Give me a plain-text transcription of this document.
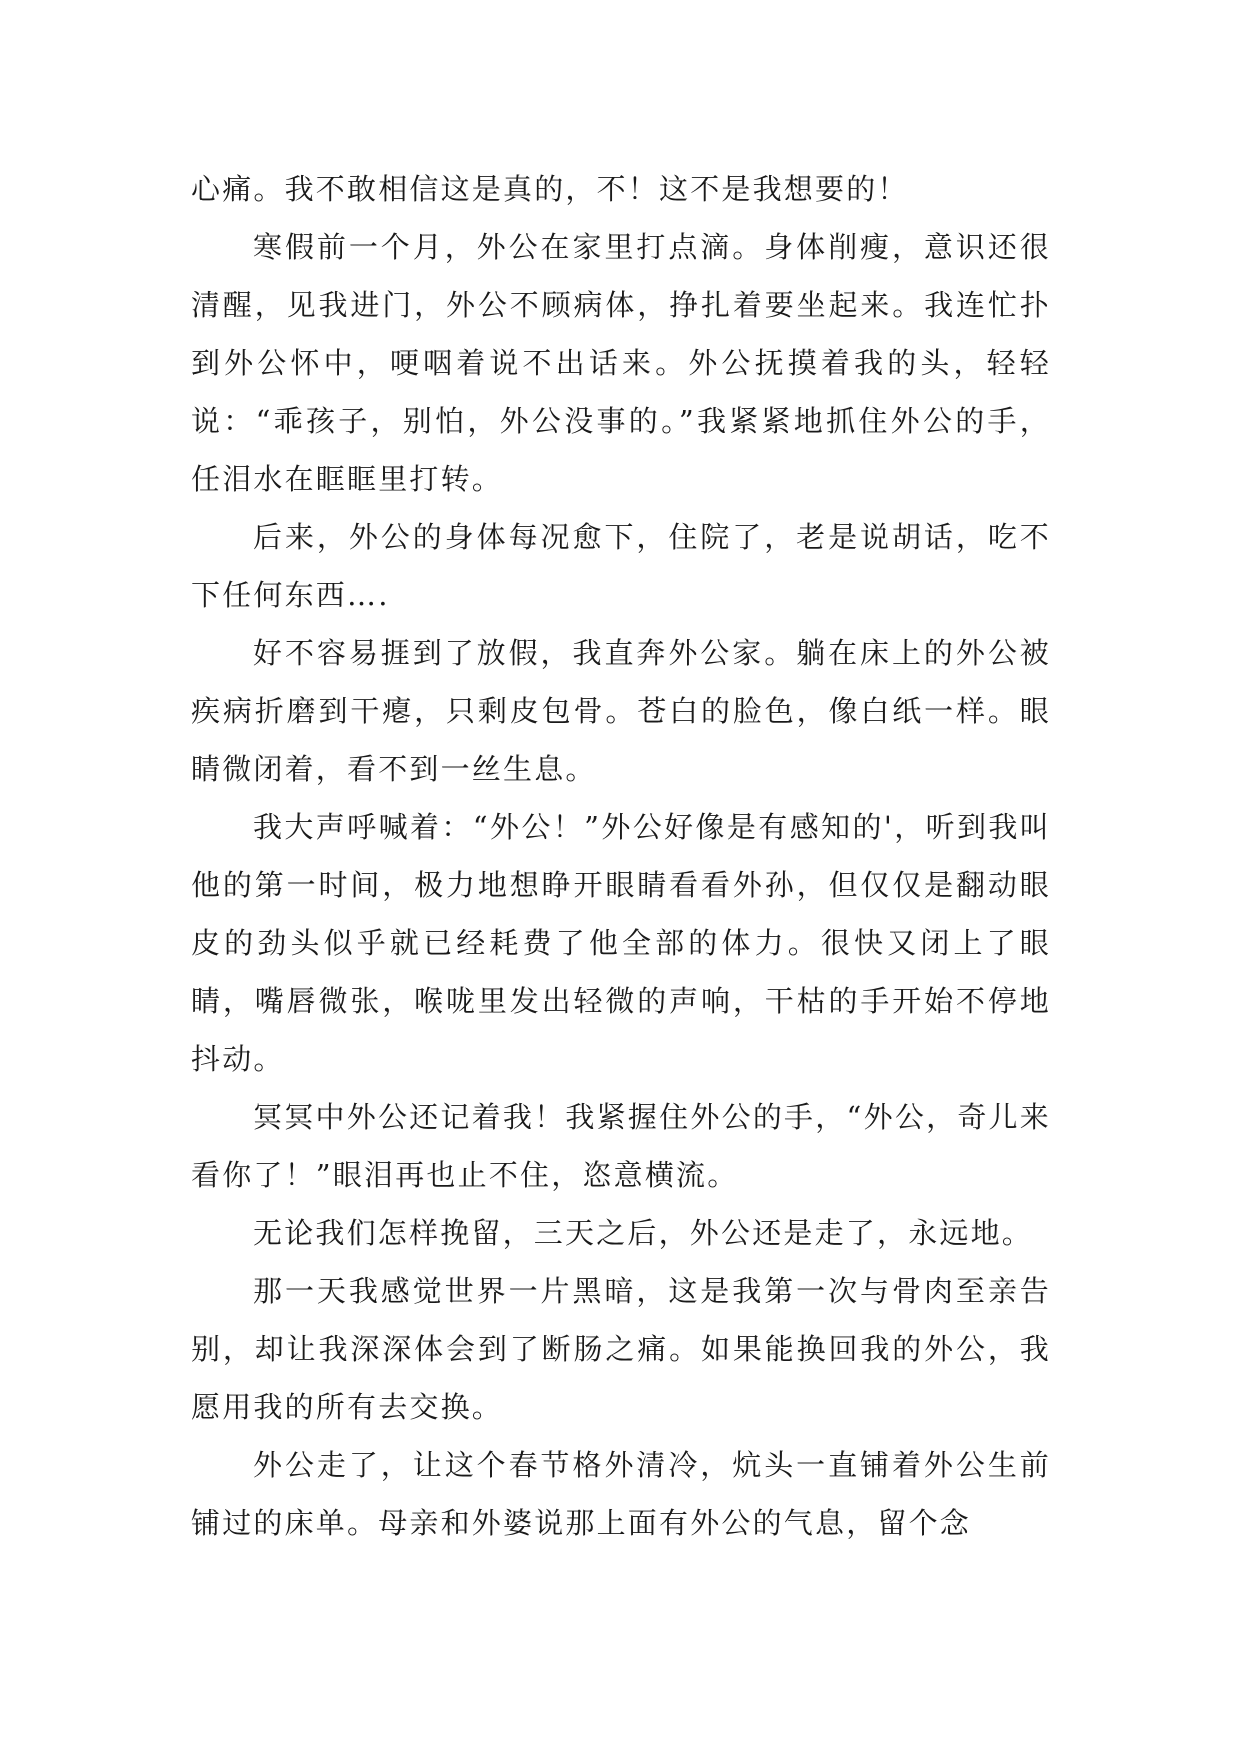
心痛。我不敢相信这是真的，不！这不是我想要的！

寒假前一个月，外公在家里打点滴。身体削瘦，意识还很清醒，见我进门，外公不顾病体，挣扎着要坐起来。我连忙扑到外公怀中，哽咽着说不出话来。外公抚摸着我的头，轻轻说：“乖孩子，别怕，外公没事的。”我紧紧地抓住外公的手，任泪水在眶眶里打转。

后来，外公的身体每况愈下，住院了，老是说胡话，吃不下任何东西….

好不容易捱到了放假，我直奔外公家。躺在床上的外公被疾病折磨到干瘪，只剩皮包骨。苍白的脸色，像白纸一样。眼睛微闭着，看不到一丝生息。

我大声呼喊着：“外公！”外公好像是有感知的'，听到我叫他的第一时间，极力地想睁开眼睛看看外孙，但仅仅是翻动眼皮的劲头似乎就已经耗费了他全部的体力。很快又闭上了眼睛，嘴唇微张，喉咙里发出轻微的声响，干枯的手开始不停地抖动。

冥冥中外公还记着我！我紧握住外公的手，“外公，奇儿来看你了！”眼泪再也止不住，恣意横流。

无论我们怎样挽留，三天之后，外公还是走了，永远地。

那一天我感觉世界一片黑暗，这是我第一次与骨肉至亲告别，却让我深深体会到了断肠之痛。如果能换回我的外公，我愿用我的所有去交换。

外公走了，让这个春节格外清冷，炕头一直铺着外公生前铺过的床单。母亲和外婆说那上面有外公的气息，留个念
